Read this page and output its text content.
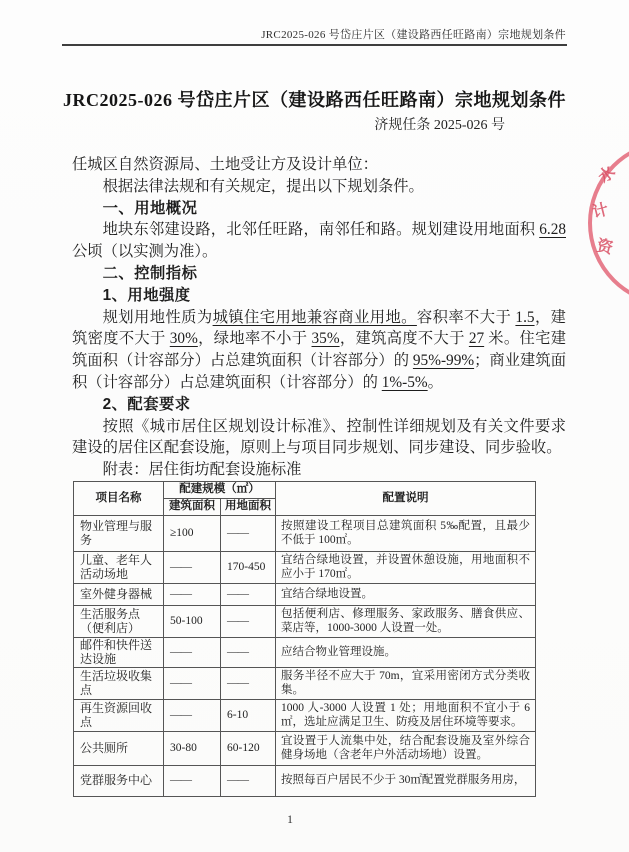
JRC2025-026 号岱庄片区（建设路西任旺路南）宗地规划条件
JRC2025-026 号岱庄片区（建设路西任旺路南）宗地规划条件
济规任条 2025-026 号

任城区自然资源局、土地受让方及设计单位：

根据法律法规和有关规定，提出以下规划条件。

一、用地概况

地块东邻建设路，北邻任旺路，南邻任和路。规划建设用地面积 6.28 公顷（以实测为准）。

二、控制指标

1、用地强度

规划用地性质为城镇住宅用地兼容商业用地。容积率不大于 1.5，建筑密度不大于 30%，绿地率不小于 35%，建筑高度不大于 27 米。住宅建筑面积（计容部分）占总建筑面积（计容部分）的 95%-99%；商业建筑面积（计容部分）占总建筑面积（计容部分）的 1%-5%。

2、配套要求

按照《城市居住区规划设计标准》、控制性详细规划及有关文件要求建设的居住区配套设施，原则上与项目同步规划、同步建设、同步验收。

附表：居住街坊配套设施标准

项目名称	配建规模（㎡）		配置说明
	建筑面积	用地面积	
物业管理与服务	≥100	——	按照建设工程项目总建筑面积 5‰配置，且最少不低于 100㎡。
儿童、老年人活动场地	——	170-450	宜结合绿地设置，并设置休憩设施，用地面积不应小于 170㎡。
室外健身器械	——	——	宜结合绿地设置。
生活服务点（便利店）	50-100	——	包括便利店、修理服务、家政服务、膳食供应、菜店等，1000-3000 人设置一处。
邮件和快件送达设施	——	——	应结合物业管理设施。
生活垃圾收集点	——	——	服务半径不应大于 70m，宜采用密闭方式分类收集。
再生资源回收点	——	6-10	1000 人-3000 人设置 1 处；用地面积不宜小于 6㎡，选址应满足卫生、防疫及居住环境等要求。
公共厕所	30-80	60-120	宜设置于人流集中处，结合配套设施及室外综合健身场地（含老年户外活动场地）设置。
党群服务中心	——	——	按照每百户居民不少于 30㎡配置党群服务用房，
1
水
计
资
